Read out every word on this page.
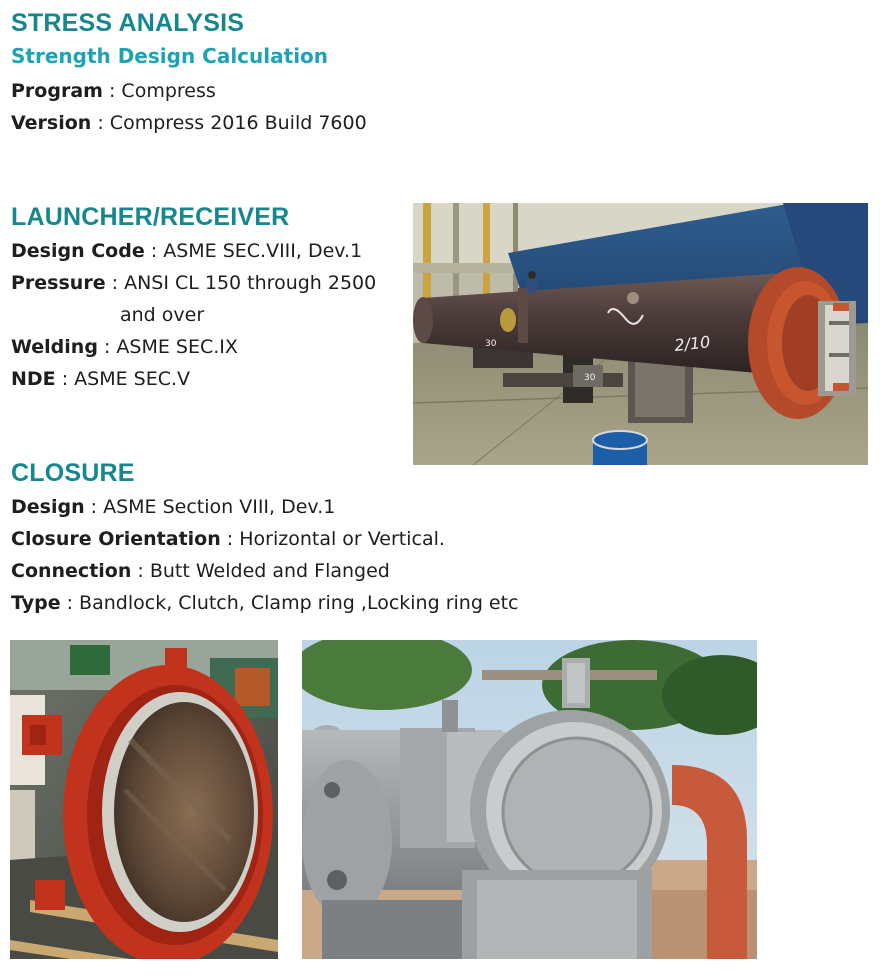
STRESS ANALYSIS
Strength Design Calculation
Program : Compress
Version : Compress 2016 Build 7600
LAUNCHER/RECEIVER
Design Code : ASME SEC.VIII, Dev.1
Pressure : ANSI CL 150 through 2500
and over
Welding : ASME SEC.IX
NDE : ASME SEC.V
30
30
2/10
CLOSURE
Design : ASME Section VIII, Dev.1
Closure Orientation : Horizontal or Vertical.
Connection : Butt Welded and Flanged
Type : Bandlock, Clutch, Clamp ring ,Locking ring etc
